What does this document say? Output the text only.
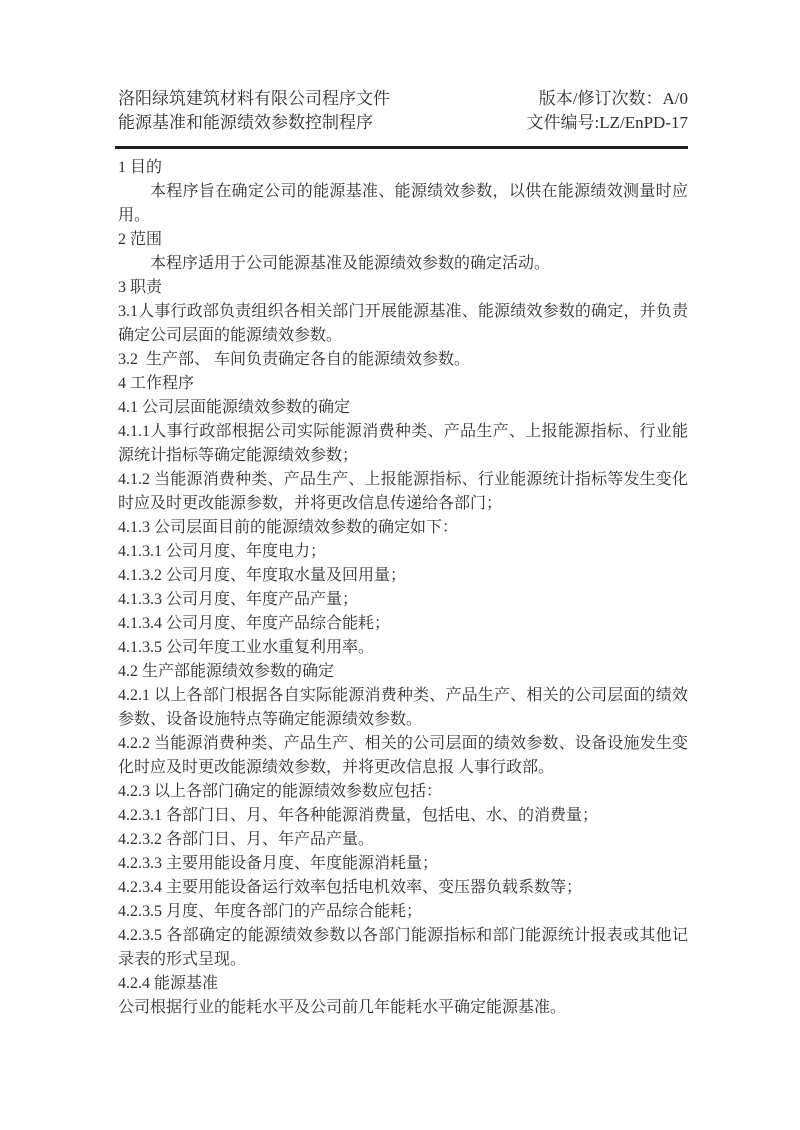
洛阳绿筑建筑材料有限公司程序文件
能源基准和能源绩效参数控制程序
版本/修订次数：A/0
文件编号:LZ/EnPD-17

1 目的

本程序旨在确定公司的能源基准、能源绩效参数，以供在能源绩效测量时应用。

2 范围

本程序适用于公司能源基准及能源绩效参数的确定活动。

3 职责

3.1人事行政部负责组织各相关部门开展能源基准、能源绩效参数的确定，并负责确定公司层面的能源绩效参数。

3.2  生产部、 车间负责确定各自的能源绩效参数。

4 工作程序

4.1 公司层面能源绩效参数的确定

4.1.1人事行政部根据公司实际能源消费种类、产品生产、上报能源指标、行业能源统计指标等确定能源绩效参数；

4.1.2 当能源消费种类、产品生产、上报能源指标、行业能源统计指标等发生变化时应及时更改能源参数，并将更改信息传递给各部门；

4.1.3 公司层面目前的能源绩效参数的确定如下：

4.1.3.1 公司月度、年度电力；

4.1.3.2 公司月度、年度取水量及回用量；

4.1.3.3 公司月度、年度产品产量；

4.1.3.4 公司月度、年度产品综合能耗；

4.1.3.5 公司年度工业水重复利用率。

4.2 生产部能源绩效参数的确定

4.2.1 以上各部门根据各自实际能源消费种类、产品生产、相关的公司层面的绩效参数、设备设施特点等确定能源绩效参数。

4.2.2 当能源消费种类、产品生产、相关的公司层面的绩效参数、设备设施发生变化时应及时更改能源绩效参数，并将更改信息报 人事行政部。

4.2.3 以上各部门确定的能源绩效参数应包括：

4.2.3.1 各部门日、月、年各种能源消费量，包括电、水、的消费量；

4.2.3.2 各部门日、月、年产品产量。

4.2.3.3 主要用能设备月度、年度能源消耗量；

4.2.3.4 主要用能设备运行效率包括电机效率、变压器负载系数等；

4.2.3.5 月度、年度各部门的产品综合能耗；

4.2.3.5 各部确定的能源绩效参数以各部门能源指标和部门能源统计报表或其他记录表的形式呈现。

4.2.4 能源基准

公司根据行业的能耗水平及公司前几年能耗水平确定能源基准。
